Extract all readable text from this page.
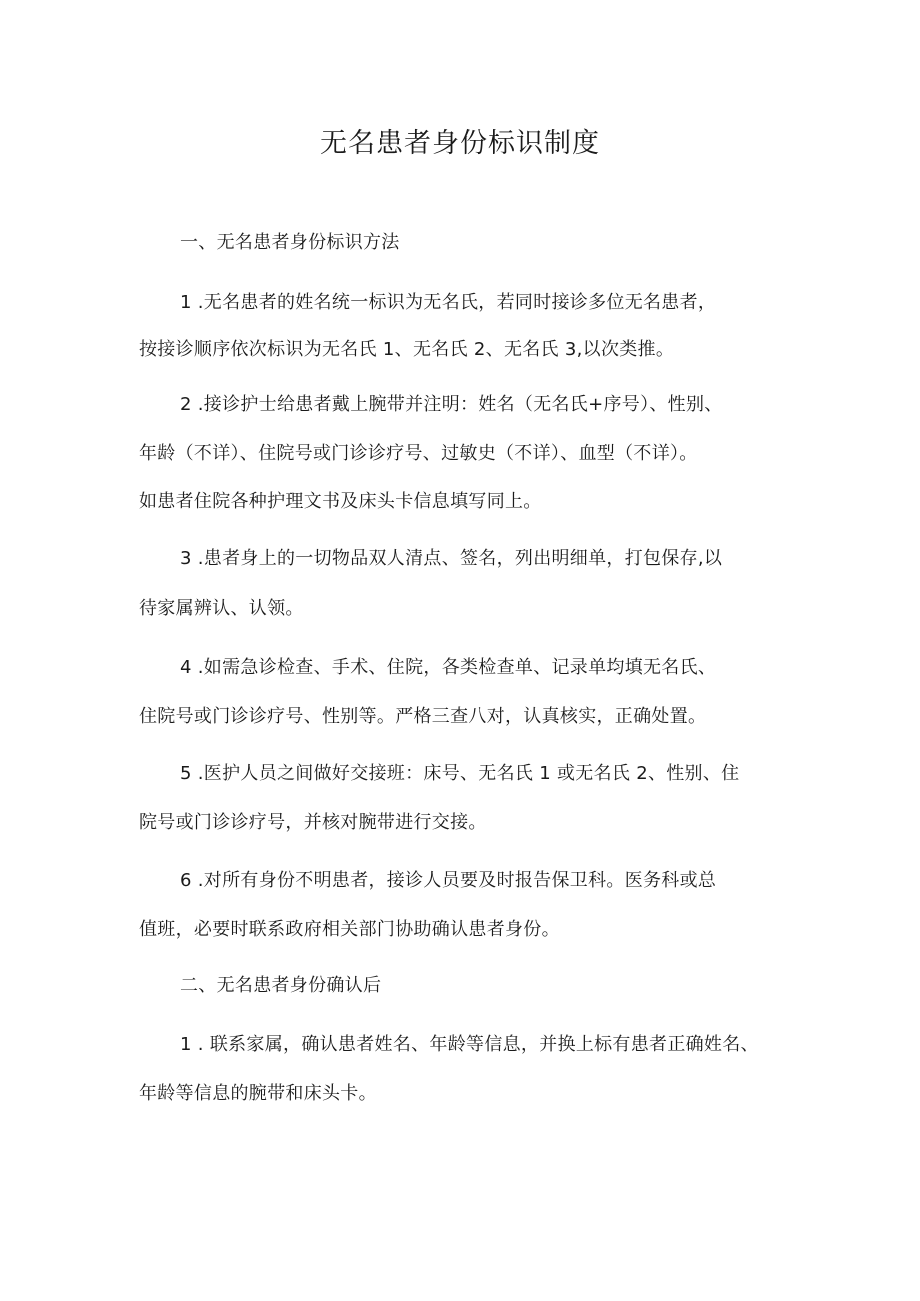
无名患者身份标识制度
一、无名患者身份标识方法
1 .无名患者的姓名统一标识为无名氏，若同时接诊多位无名患者，
按接诊顺序依次标识为无名氏 1、无名氏 2、无名氏 3,以次类推。
2 .接诊护士给患者戴上腕带并注明：姓名（无名氏+序号）、性别、
年龄（不详）、住院号或门诊诊疗号、过敏史（不详）、血型（不详）。
如患者住院各种护理文书及床头卡信息填写同上。
3 .患者身上的一切物品双人清点、签名，列出明细单，打包保存,以
待家属辨认、认领。
4 .如需急诊检查、手术、住院，各类检查单、记录单均填无名氏、
住院号或门诊诊疗号、性别等。严格三查八对，认真核实，正确处置。
5 .医护人员之间做好交接班：床号、无名氏 1 或无名氏 2、性别、住
院号或门诊诊疗号，并核对腕带进行交接。
6 .对所有身份不明患者，接诊人员要及时报告保卫科。医务科或总
值班，必要时联系政府相关部门协助确认患者身份。
二、无名患者身份确认后
1 . 联系家属，确认患者姓名、年龄等信息，并换上标有患者正确姓名、
年龄等信息的腕带和床头卡。
